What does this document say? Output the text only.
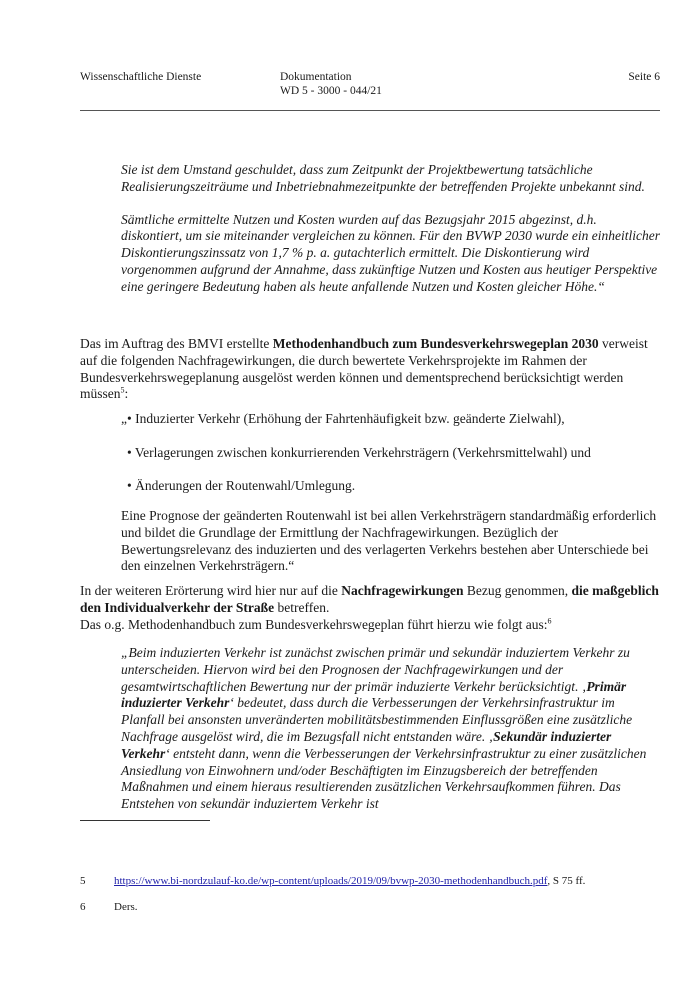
Wissenschaftliche Dienste	Dokumentation
WD 5 - 3000 - 044/21
Seite 6

Sie ist dem Umstand geschuldet, dass zum Zeitpunkt der Projektbewertung tatsächliche Realisierungszeiträume und Inbetriebnahmezeitpunkte der betreffenden Projekte unbekannt sind.

Sämtliche ermittelte Nutzen und Kosten wurden auf das Bezugsjahr 2015 abgezinst, d.h. diskontiert, um sie miteinander vergleichen zu können. Für den BVWP 2030 wurde ein einheitlicher Diskontierungszinssatz von 1,7 % p. a. gutachterlich ermittelt. Die Diskontierung wird vorgenommen aufgrund der Annahme, dass zukünftige Nutzen und Kosten aus heutiger Perspektive eine geringere Bedeutung haben als heute anfallende Nutzen und Kosten gleicher Höhe.“

Das im Auftrag des BMVI erstellte Methodenhandbuch zum Bundesverkehrswegeplan 2030 verweist auf die folgenden Nachfragewirkungen, die durch bewertete Verkehrsprojekte im Rahmen der Bundesverkehrswegeplanung ausgelöst werden können und dementsprechend berücksichtigt werden müssen$^5$:
„• Induzierter Verkehr (Erhöhung der Fahrtenhäufigkeit bzw. geänderte Zielwahl),
• Verlagerungen zwischen konkurrierenden Verkehrsträgern (Verkehrsmittelwahl) und
• Änderungen der Routenwahl/Umlegung.

Eine Prognose der geänderten Routenwahl ist bei allen Verkehrsträgern standardmäßig erforderlich und bildet die Grundlage der Ermittlung der Nachfragewirkungen. Bezüglich der Bewertungsrelevanz des induzierten und des verlagerten Verkehrs bestehen aber Unterschiede bei den einzelnen Verkehrsträgern.“

In der weiteren Erörterung wird hier nur auf die Nachfragewirkungen Bezug genommen, die maßgeblich den Individualverkehr der Straße betreffen.
Das o.g. Methodenhandbuch zum Bundesverkehrswegeplan führt hierzu wie folgt aus:$^6$

„Beim induzierten Verkehr ist zunächst zwischen primär und sekundär induziertem Verkehr zu unterscheiden. Hiervon wird bei den Prognosen der Nachfragewirkungen und der gesamtwirtschaftlichen Bewertung nur der primär induzierte Verkehr berücksichtigt. ‚Primär induzierter Verkehr‘ bedeutet, dass durch die Verbesserungen der Verkehrsinfrastruktur im Planfall bei ansonsten unveränderten mobilitätsbestimmenden Einflussgrößen eine zusätzliche Nachfrage ausgelöst wird, die im Bezugsfall nicht entstanden wäre. ‚Sekundär induzierter Verkehr‘ entsteht dann, wenn die Verbesserungen der Verkehrsinfrastruktur zu einer zusätzlichen Ansiedlung von Einwohnern und/oder Beschäftigten im Einzugsbereich der betreffenden Maßnahmen und einem hieraus resultierenden zusätzlichen Verkehrsaufkommen führen. Das Entstehen von sekundär induziertem Verkehr ist

5	https://www.bi-nordzulauf-ko.de/wp-content/uploads/2019/09/bvwp-2030-methodenhandbuch.pdf, S 75 ff.
6	Ders.
